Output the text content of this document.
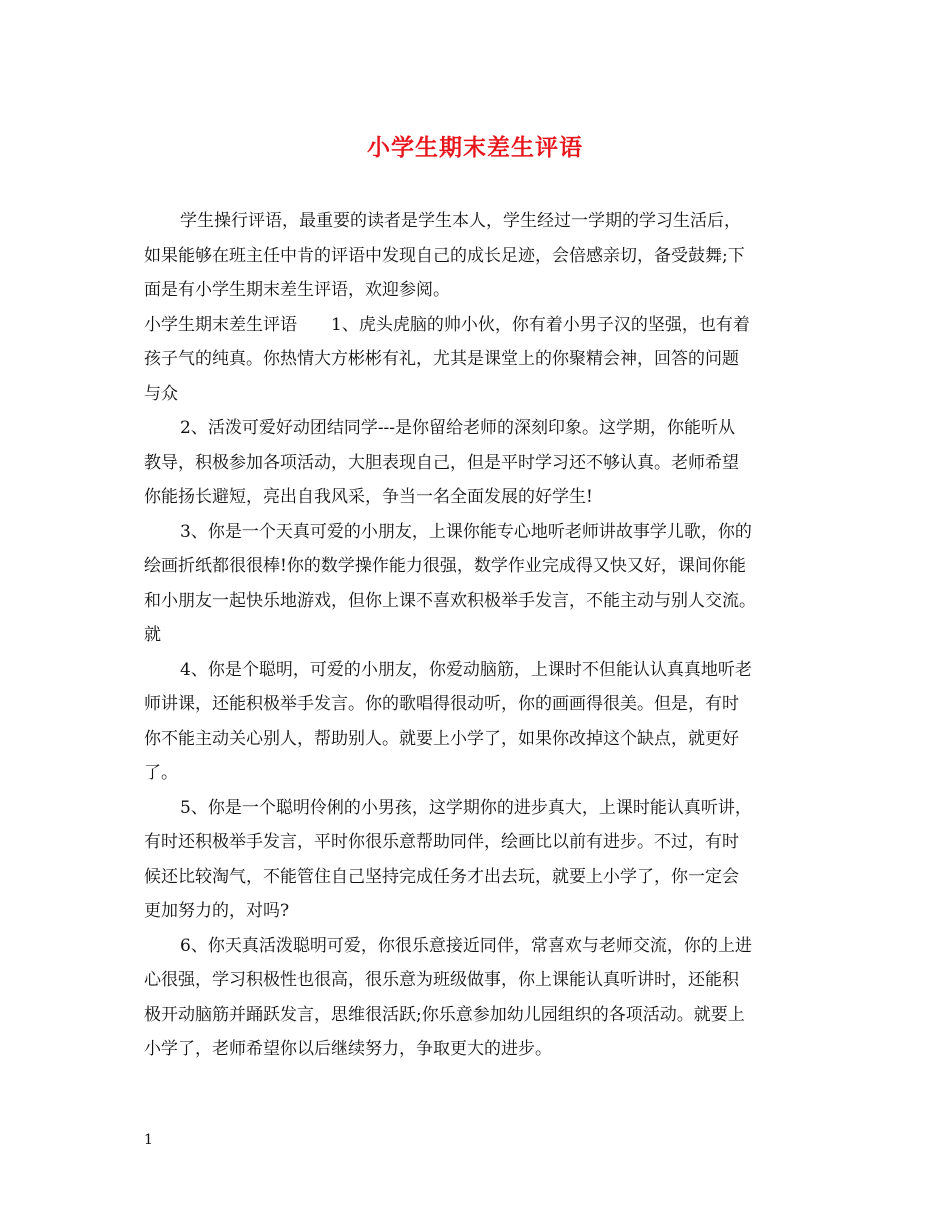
小学生期末差生评语
学生操行评语，最重要的读者是学生本人，学生经过一学期的学习生活后，
如果能够在班主任中肯的评语中发现自己的成长足迹，会倍感亲切，备受鼓舞;下
面是有小学生期末差生评语，欢迎参阅。
小学生期末差生评语　　1、虎头虎脑的帅小伙，你有着小男子汉的坚强，也有着
孩子气的纯真。你热情大方彬彬有礼，尤其是课堂上的你聚精会神，回答的问题
与众
2、活泼可爱好动团结同学---是你留给老师的深刻印象。这学期，你能听从
教导，积极参加各项活动，大胆表现自己，但是平时学习还不够认真。老师希望
你能扬长避短，亮出自我风采，争当一名全面发展的好学生!
3、你是一个天真可爱的小朋友，上课你能专心地听老师讲故事学儿歌，你的
绘画折纸都很很棒!你的数学操作能力很强，数学作业完成得又快又好，课间你能
和小朋友一起快乐地游戏，但你上课不喜欢积极举手发言，不能主动与别人交流。
就
4、你是个聪明，可爱的小朋友，你爱动脑筋，上课时不但能认认真真地听老
师讲课，还能积极举手发言。你的歌唱得很动听，你的画画得很美。但是，有时
你不能主动关心别人，帮助别人。就要上小学了，如果你改掉这个缺点，就更好
了。
5、你是一个聪明伶俐的小男孩，这学期你的进步真大，上课时能认真听讲，
有时还积极举手发言，平时你很乐意帮助同伴，绘画比以前有进步。不过，有时
候还比较淘气，不能管住自己坚持完成任务才出去玩，就要上小学了，你一定会
更加努力的，对吗?
6、你天真活泼聪明可爱，你很乐意接近同伴，常喜欢与老师交流，你的上进
心很强，学习积极性也很高，很乐意为班级做事，你上课能认真听讲时，还能积
极开动脑筋并踊跃发言，思维很活跃;你乐意参加幼儿园组织的各项活动。就要上
小学了，老师希望你以后继续努力，争取更大的进步。
1
